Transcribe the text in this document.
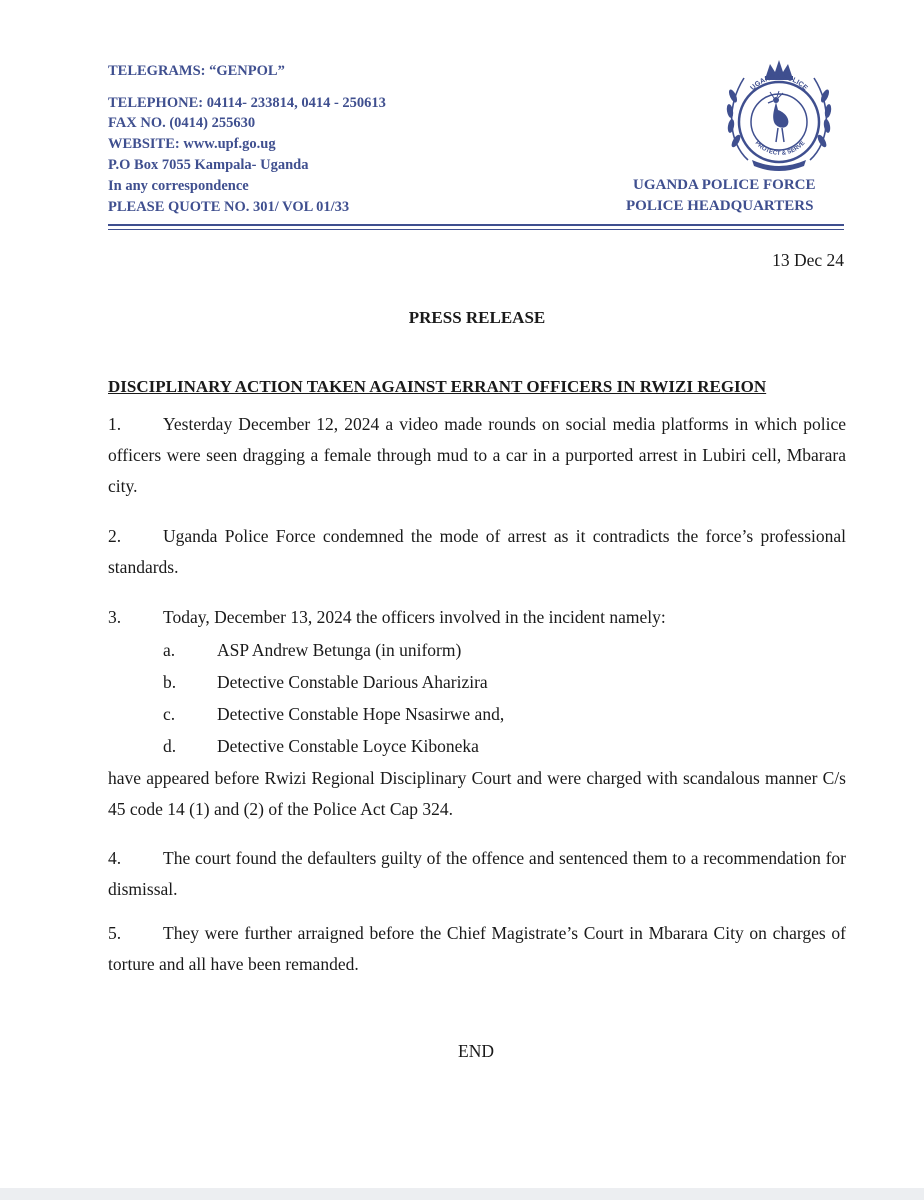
TELEGRAMS: “GENPOL”
TELEPHONE: 04114- 233814, 0414 - 250613
FAX NO. (0414) 255630
WEBSITE: www.upf.go.ug
P.O Box 7055 Kampala- Uganda
In any correspondence
PLEASE QUOTE NO. 301/ VOL 01/33
UGANDA POLICE FORCE
POLICE HEADQUARTERS
UGANDA POLICE
PROTECT & SERVE
13 Dec 24
PRESS RELEASE
DISCIPLINARY ACTION TAKEN AGAINST ERRANT OFFICERS IN RWIZI REGION
1. Yesterday December 12, 2024 a video made rounds on social media platforms in which police officers were seen dragging a female through mud to a car in a purported arrest in Lubiri cell, Mbarara city.
2. Uganda Police Force condemned the mode of arrest as it contradicts the force’s professional standards.
3. Today, December 13, 2024 the officers involved in the incident namely:
a. ASP Andrew Betunga (in uniform)
b. Detective Constable Darious Aharizira
c. Detective Constable Hope Nsasirwe and,
d. Detective Constable Loyce Kiboneka
have appeared before Rwizi Regional Disciplinary Court and were charged with scandalous manner C/s 45 code 14 (1) and (2) of the Police Act Cap 324.
4. The court found the defaulters guilty of the offence and sentenced them to a recommendation for dismissal.
5. They were further arraigned before the Chief Magistrate’s Court in Mbarara City on charges of torture and all have been remanded.
END
